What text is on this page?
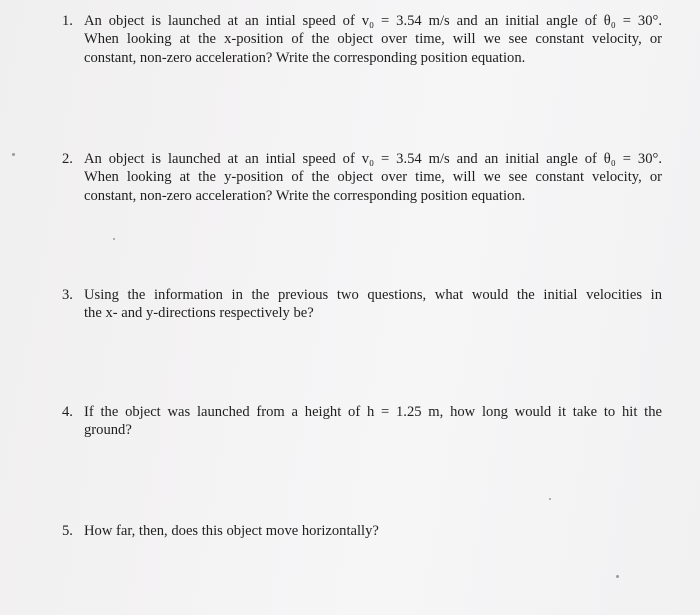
1. An object is launched at an intial speed of v₀ = 3.54 m/s and an initial angle of θ₀ = 30°.
When looking at the x-position of the object over time, will we see constant velocity, or
constant, non-zero acceleration? Write the corresponding position equation.
2. An object is launched at an intial speed of v₀ = 3.54 m/s and an initial angle of θ₀ = 30°.
When looking at the y-position of the object over time, will we see constant velocity, or
constant, non-zero acceleration? Write the corresponding position equation.
3. Using the information in the previous two questions, what would the initial velocities in
the x- and y-directions respectively be?
4. If the object was launched from a height of h = 1.25 m, how long would it take to hit the
ground?
5. How far, then, does this object move horizontally?
